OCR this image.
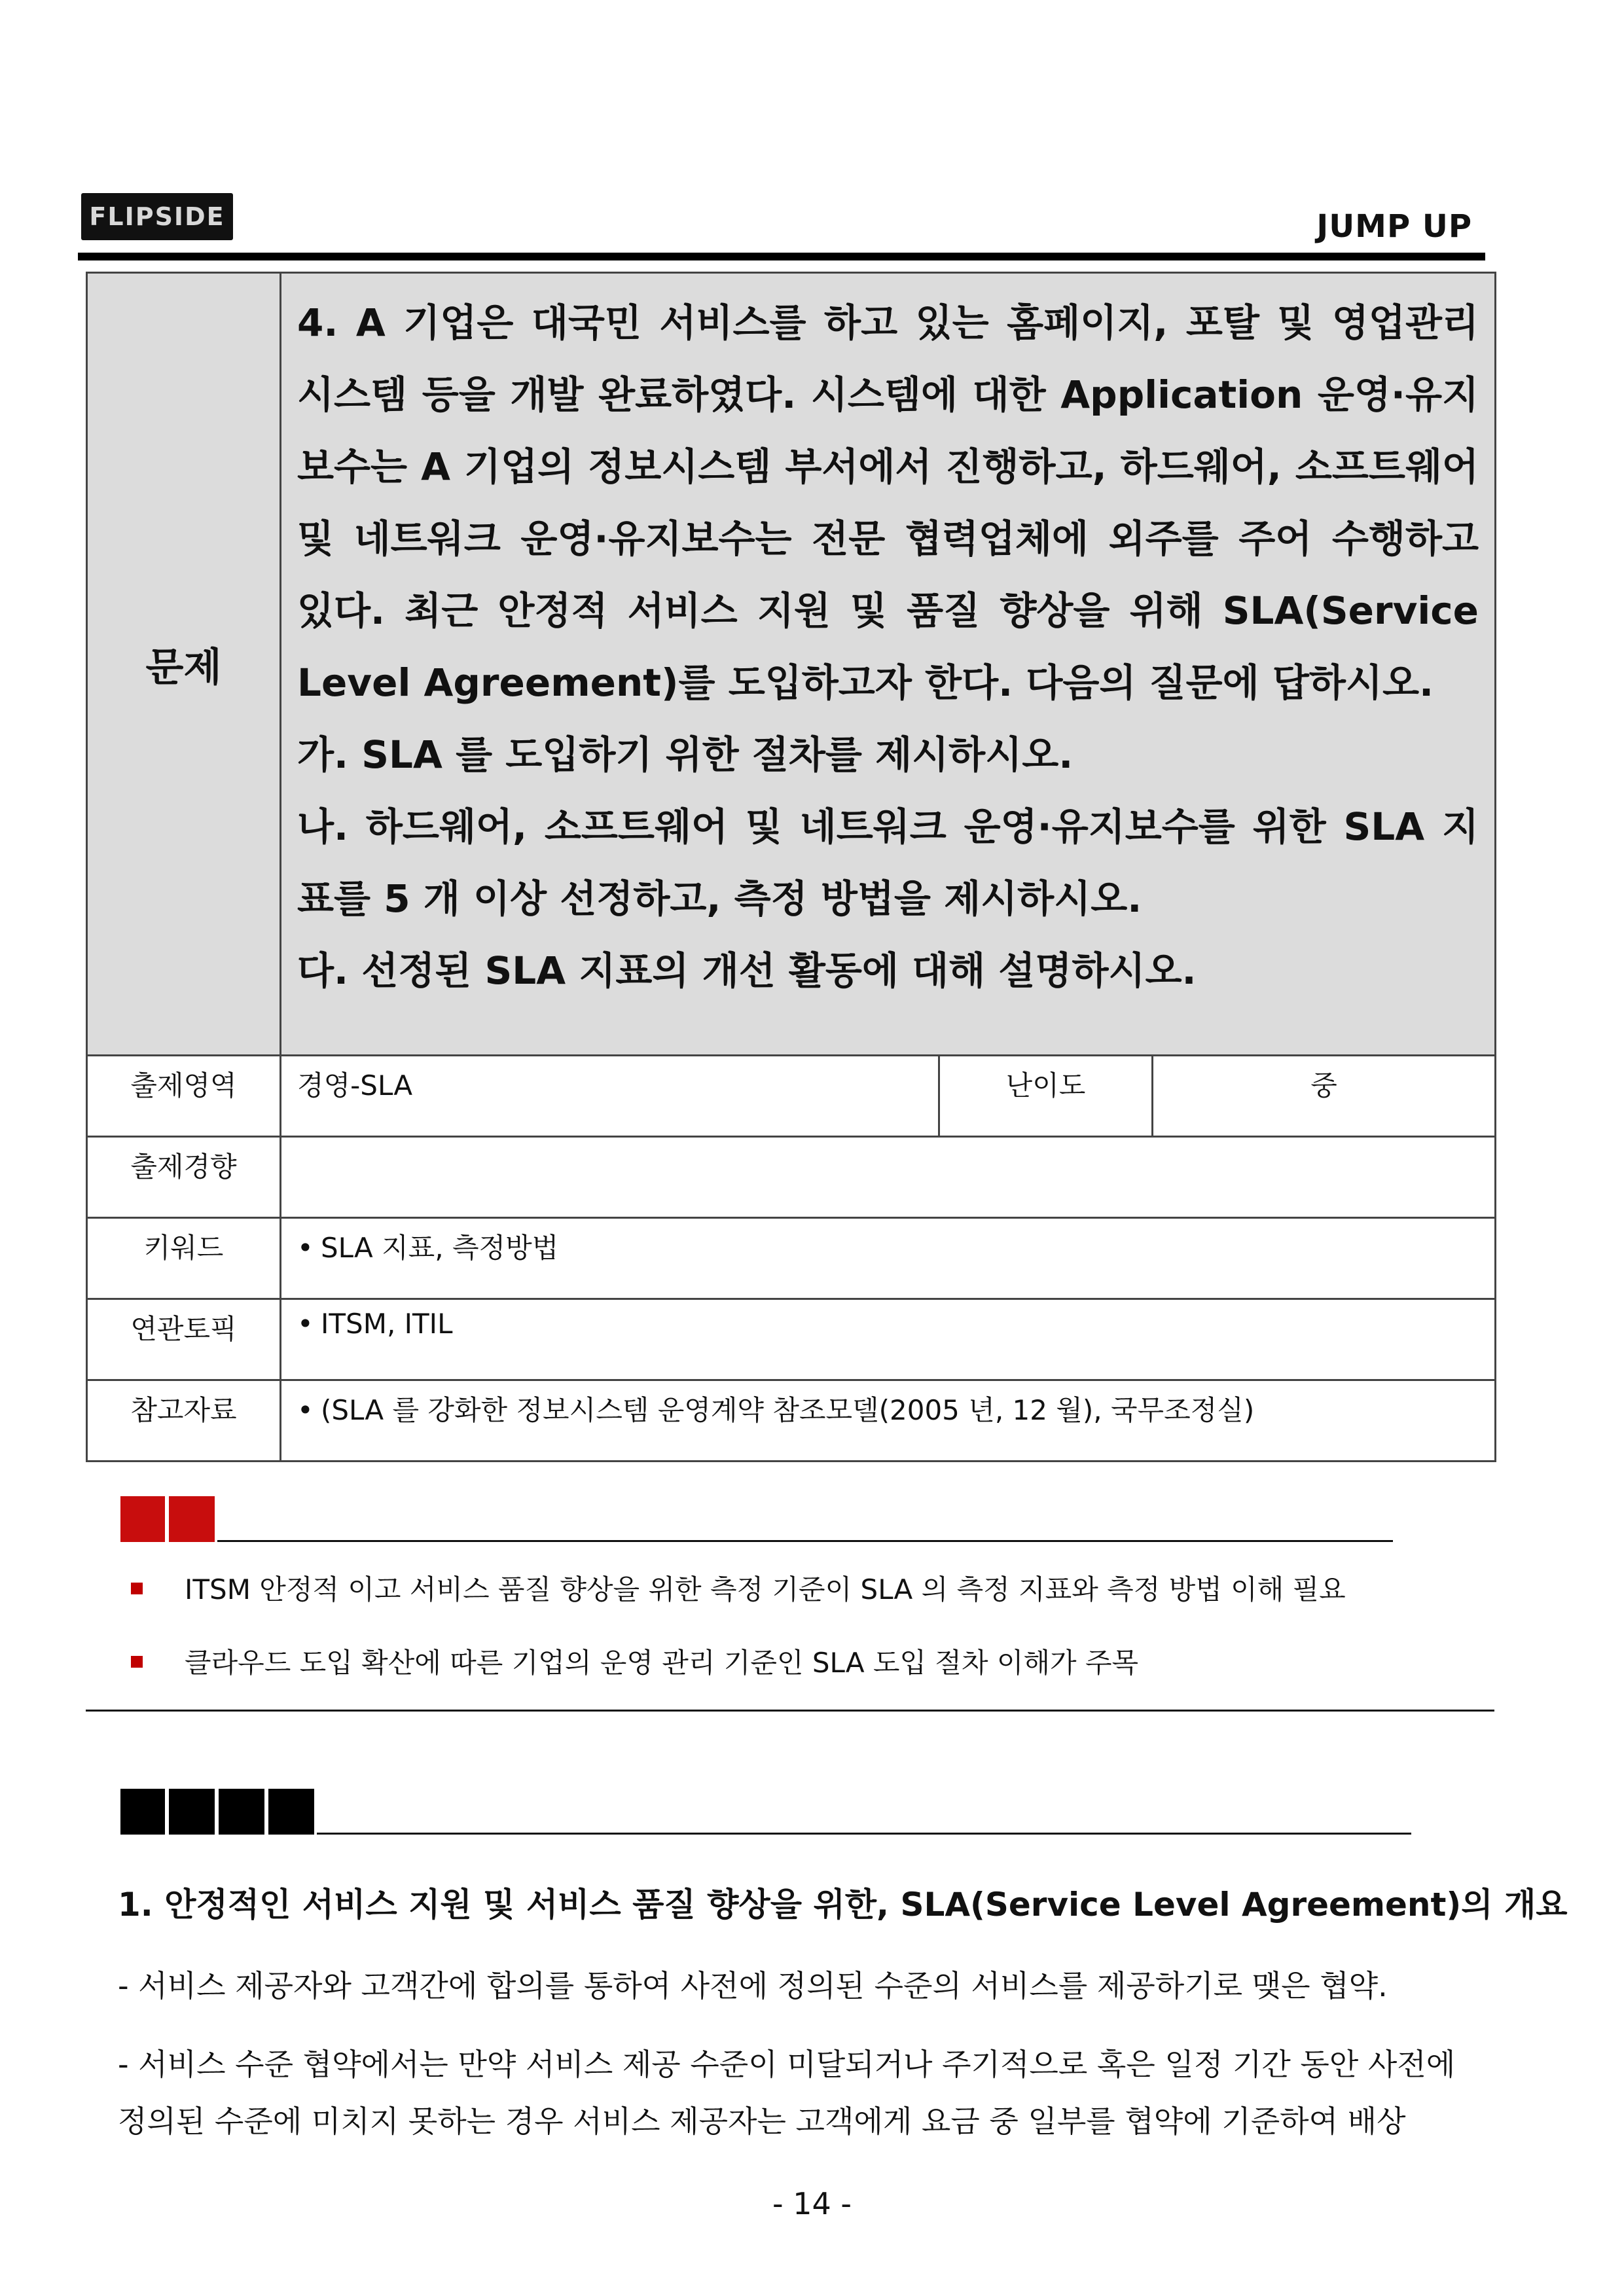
FLIPSIDE	JUMP UP
문제	4. A 기업은 대국민 서비스를 하고 있는 홈페이지, 포탈 및 영업관리 시스템 등을 개발 완료하였다. 시스템에 대한 Application 운영·유지보수는 A 기업의 정보시스템 부서에서 진행하고, 하드웨어, 소프트웨어 및 네트워크 운영·유지보수는 전문 협력업체에 외주를 주어 수행하고 있다. 최근 안정적 서비스 지원 및 품질 향상을 위해 SLA(Service Level Agreement)를 도입하고자 한다. 다음의 질문에 답하시오.

가. SLA 를 도입하기 위한 절차를 제시하시오.

나. 하드웨어, 소프트웨어 및 네트워크 운영·유지보수를 위한 SLA 지표를 5 개 이상 선정하고, 측정 방법을 제시하시오.

다. 선정된 SLA 지표의 개선 활동에 대해 설명하시오.		

출제영역	경영-SLA	난이도	중
출제경향			
키워드	• SLA 지표, 측정방법		
연관토픽	• ITSM, ITIL		
참고자료	• (SLA 를 강화한 정보시스템 운영계약 참조모델(2005 년, 12 월), 국무조정실)		
ITSM 안정적 이고 서비스 품질 향상을 위한 측정 기준이 SLA 의 측정 지표와 측정 방법 이해 필요
클라우드 도입 확산에 따른 기업의 운영 관리 기준인 SLA 도입 절차 이해가 주목
1. 안정적인 서비스 지원 및 서비스 품질 향상을 위한, SLA(Service Level Agreement)의 개요
- 서비스 제공자와 고객간에 합의를 통하여 사전에 정의된 수준의 서비스를 제공하기로 맺은 협약.
- 서비스 수준 협약에서는 만약 서비스 제공 수준이 미달되거나 주기적으로 혹은 일정 기간 동안 사전에
정의된 수준에 미치지 못하는 경우 서비스 제공자는 고객에게 요금 중 일부를 협약에 기준하여 배상
- 14 -
